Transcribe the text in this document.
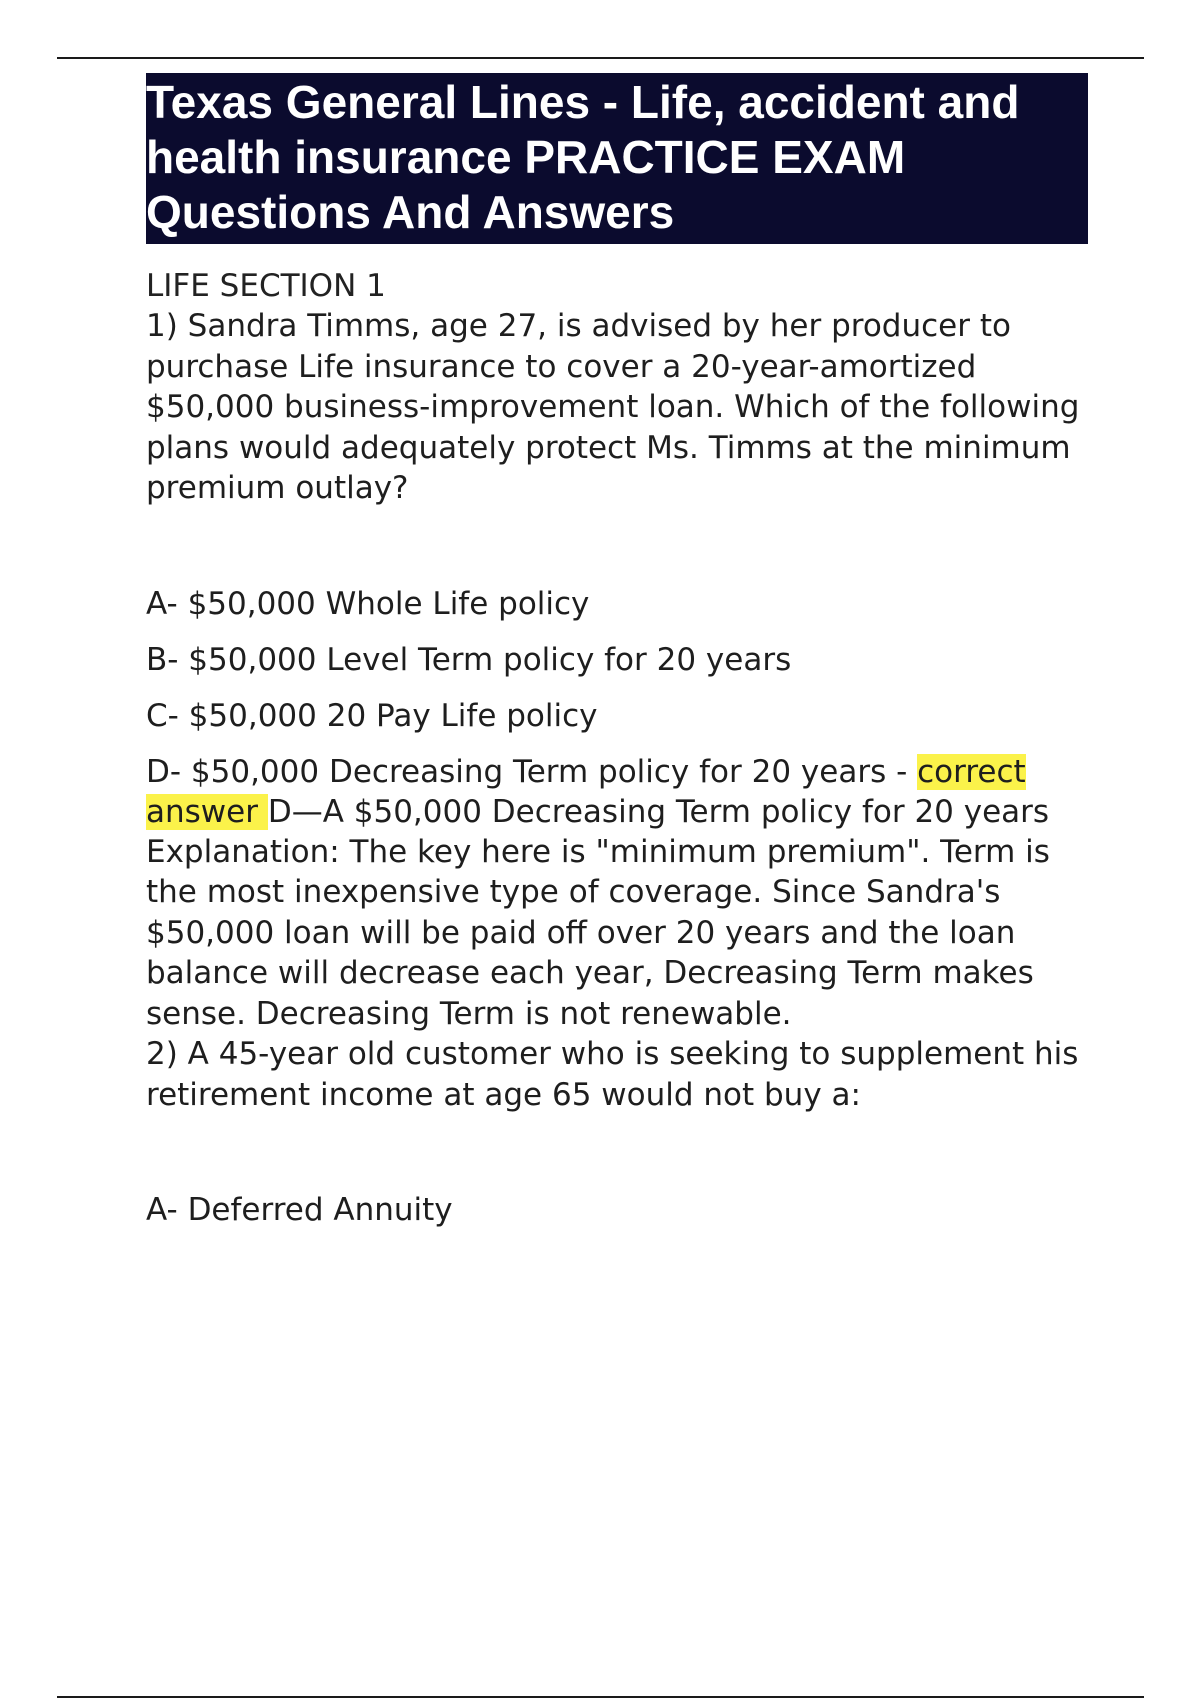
Texas General Lines - Life, accident and health insurance PRACTICE EXAM Questions And Answers
LIFE SECTION 1

1) Sandra Timms, age 27, is advised by her producer to purchase Life insurance to cover a 20-year-amortized $50,000 business-improvement loan. Which of the following plans would adequately protect Ms. Timms at the minimum premium outlay?

A- $50,000 Whole Life policy

B- $50,000 Level Term policy for 20 years

C- $50,000 20 Pay Life policy

D- $50,000 Decreasing Term policy for 20 years - correct answer D—A $50,000 Decreasing Term policy for 20 years

Explanation: The key here is "minimum premium". Term is the most inexpensive type of coverage. Since Sandra's $50,000 loan will be paid off over 20 years and the loan balance will decrease each year, Decreasing Term makes sense. Decreasing Term is not renewable.

2) A 45-year old customer who is seeking to supplement his retirement income at age 65 would not buy a:

A- Deferred Annuity
